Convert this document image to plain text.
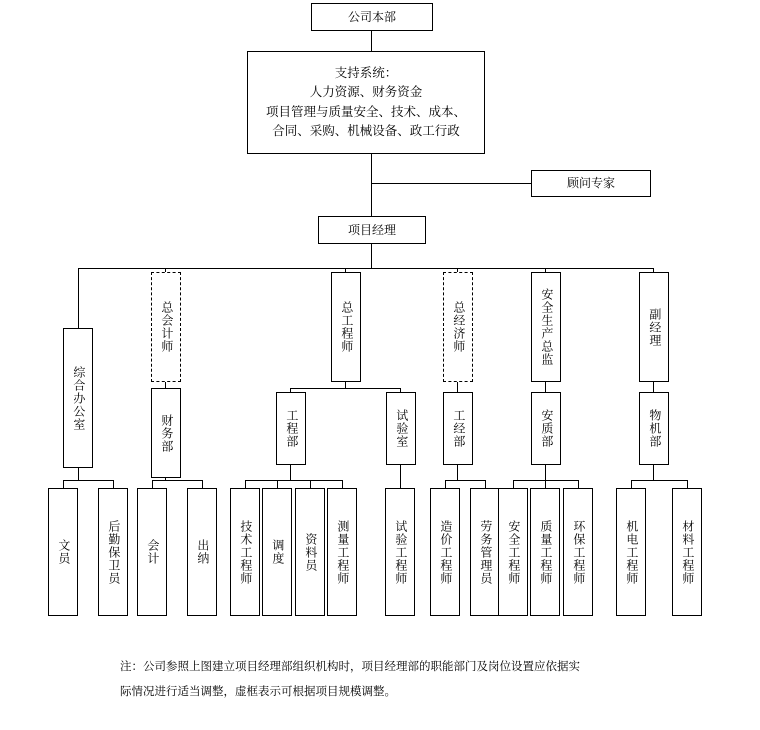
公司本部
支持系统：
人力资源、财务资金
项目管理与质量安全、技术、成本、
合同、采购、机械设备、政工行政
顾问专家
项目经理
综合办公室
总会计师	总工程师	总经济师	安全生产总监	副经理
财务部	工程部	试验室	工经部	安质部	物机部
文员	后勤保卫员	会计	出纳	技术工程师	调度	资料员	测量工程师	试验工程师	造价工程师	劳务管理员	安全工程师	质量工程师	环保工程师	机电工程师	材料工程师
注：公司参照上图建立项目经理部组织机构时，项目经理部的职能部门及岗位设置应依据实
际情况进行适当调整，虚框表示可根据项目规模调整。
